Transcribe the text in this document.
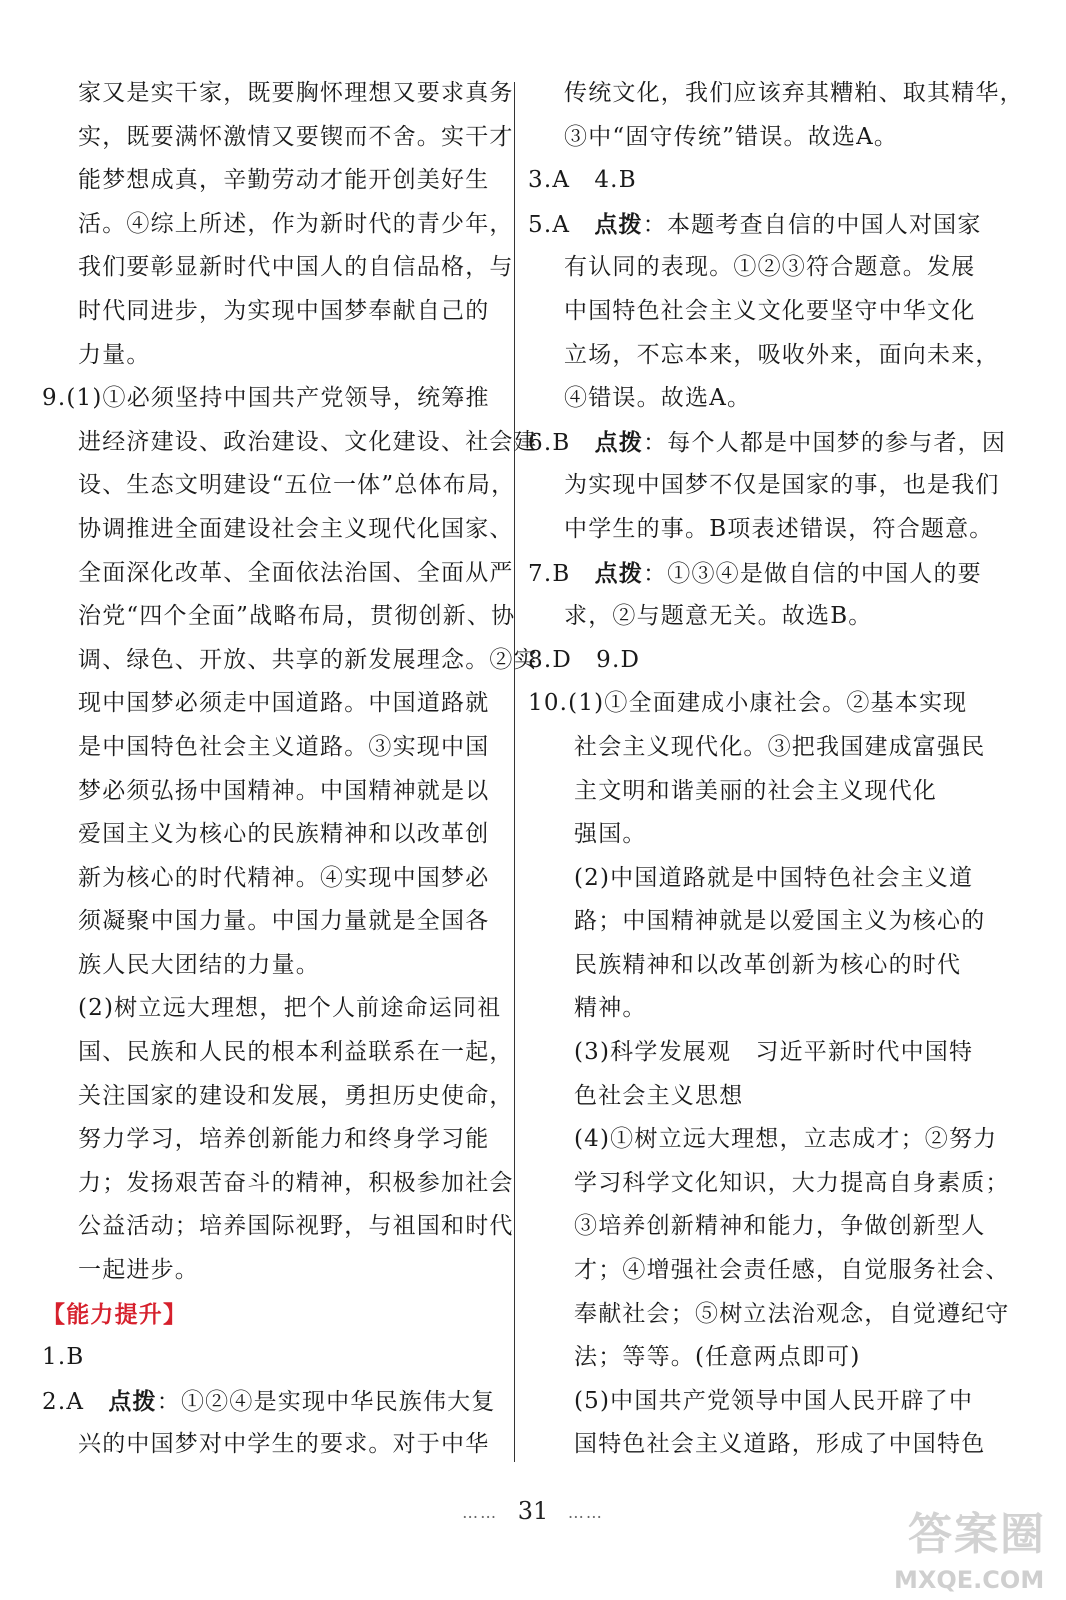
家又是实干家，既要胸怀理想又要求真务
实，既要满怀激情又要锲而不舍。实干才
能梦想成真，辛勤劳动才能开创美好生
活。④综上所述，作为新时代的青少年，
我们要彰显新时代中国人的自信品格，与
时代同进步，为实现中国梦奉献自己的
力量。
9.(1)①必须坚持中国共产党领导，统筹推
进经济建设、政治建设、文化建设、社会建
设、生态文明建设“五位一体”总体布局，
协调推进全面建设社会主义现代化国家、
全面深化改革、全面依法治国、全面从严
治党“四个全面”战略布局，贯彻创新、协
调、绿色、开放、共享的新发展理念。②实
现中国梦必须走中国道路。中国道路就
是中国特色社会主义道路。③实现中国
梦必须弘扬中国精神。中国精神就是以
爱国主义为核心的民族精神和以改革创
新为核心的时代精神。④实现中国梦必
须凝聚中国力量。中国力量就是全国各
族人民大团结的力量。
(2)树立远大理想，把个人前途命运同祖
国、民族和人民的根本利益联系在一起，
关注国家的建设和发展，勇担历史使命，
努力学习，培养创新能力和终身学习能
力；发扬艰苦奋斗的精神，积极参加社会
公益活动；培养国际视野，与祖国和时代
一起进步。
【能力提升】
1.B
2.A　 点拨：①②④是实现中华民族伟大复
兴的中国梦对中学生的要求。对于中华
传统文化，我们应该弃其糟粕、取其精华，
③中“固守传统”错误。故选A。
3.A　4.B
5.A　 点拨：本题考查自信的中国人对国家
有认同的表现。①②③符合题意。发展
中国特色社会主义文化要坚守中华文化
立场，不忘本来，吸收外来，面向未来，
④错误。故选A。
6.B　 点拨：每个人都是中国梦的参与者，因
为实现中国梦不仅是国家的事，也是我们
中学生的事。B项表述错误，符合题意。
7.B　 点拨：①③④是做自信的中国人的要
求，②与题意无关。故选B。
8.D　9.D
10.(1)①全面建成小康社会。②基本实现
社会主义现代化。③把我国建成富强民
主文明和谐美丽的社会主义现代化
强国。
(2)中国道路就是中国特色社会主义道
路；中国精神就是以爱国主义为核心的
民族精神和以改革创新为核心的时代
精神。
(3)科学发展观　习近平新时代中国特
色社会主义思想
(4)①树立远大理想，立志成才；②努力
学习科学文化知识，大力提高自身素质；
③培养创新精神和能力，争做创新型人
才；④增强社会责任感，自觉服务社会、
奉献社会；⑤树立法治观念，自觉遵纪守
法；等等。(任意两点即可)
(5)中国共产党领导中国人民开辟了中
国特色社会主义道路，形成了中国特色
…… 31 ……	答案圈
MXQE.COM
